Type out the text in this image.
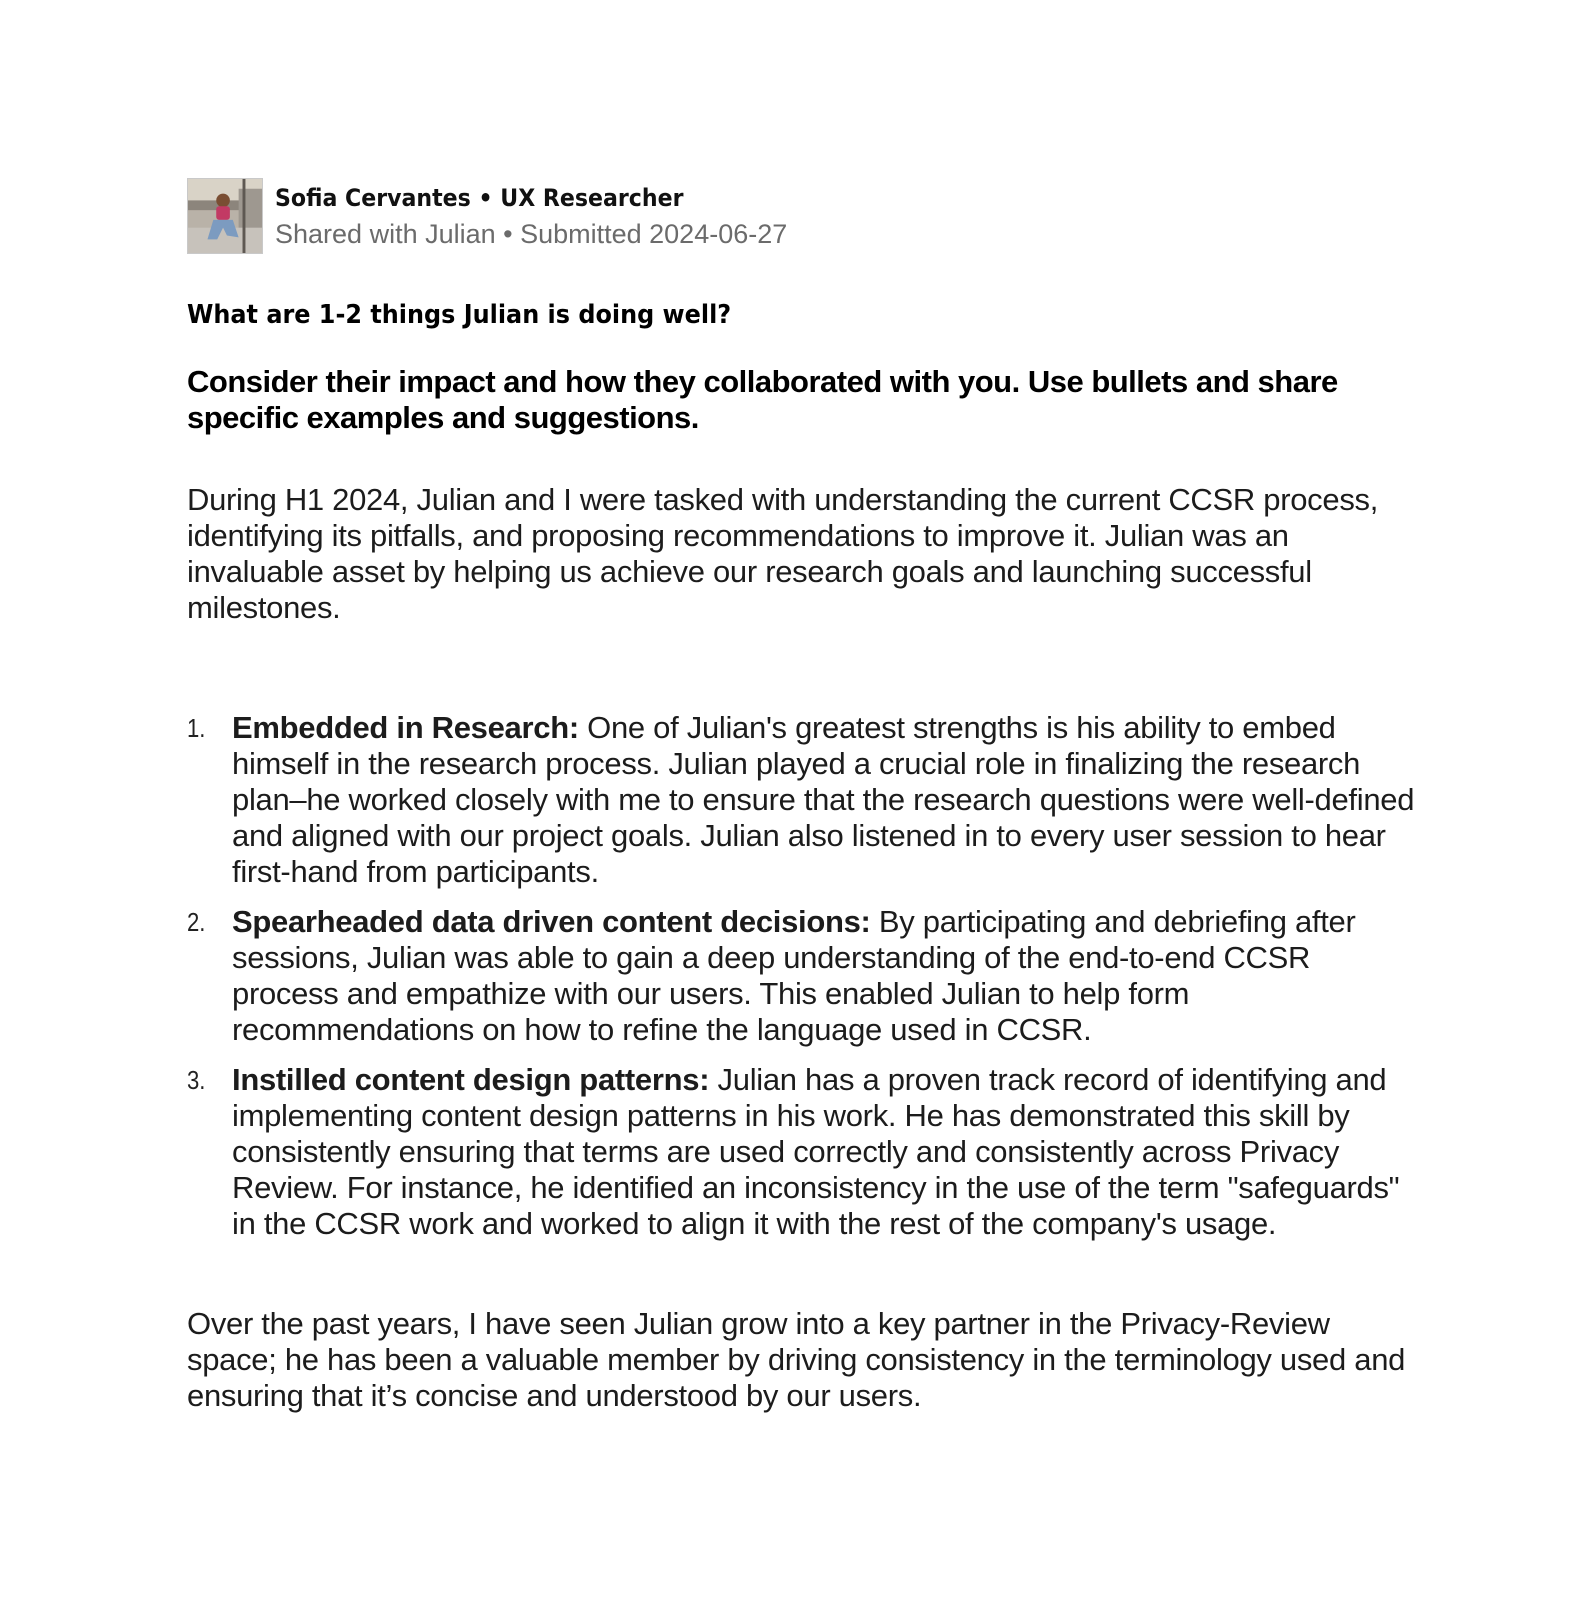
Sofia Cervantes • UX Researcher
Shared with Julian • Submitted 2024-06-27
What are 1-2 things Julian is doing well?
Consider their impact and how they collaborated with you. Use bullets and share specific examples and suggestions.
During H1 2024, Julian and I were tasked with understanding the current CCSR process, identifying its pitfalls, and proposing recommendations to improve it. Julian was an invaluable asset by helping us achieve our research goals and launching successful milestones.
1. Embedded in Research: One of Julian's greatest strengths is his ability to embed himself in the research process. Julian played a crucial role in finalizing the research plan–he worked closely with me to ensure that the research questions were well-defined and aligned with our project goals. Julian also listened in to every user session to hear first-hand from participants.
2. Spearheaded data driven content decisions: By participating and debriefing after sessions, Julian was able to gain a deep understanding of the end-to-end CCSR process and empathize with our users. This enabled Julian to help form recommendations on how to refine the language used in CCSR.
3. Instilled content design patterns: Julian has a proven track record of identifying and implementing content design patterns in his work. He has demonstrated this skill by consistently ensuring that terms are used correctly and consistently across Privacy Review. For instance, he identified an inconsistency in the use of the term "safeguards" in the CCSR work and worked to align it with the rest of the company's usage.
Over the past years, I have seen Julian grow into a key partner in the Privacy-Review space; he has been a valuable member by driving consistency in the terminology used and ensuring that it’s concise and understood by our users.
